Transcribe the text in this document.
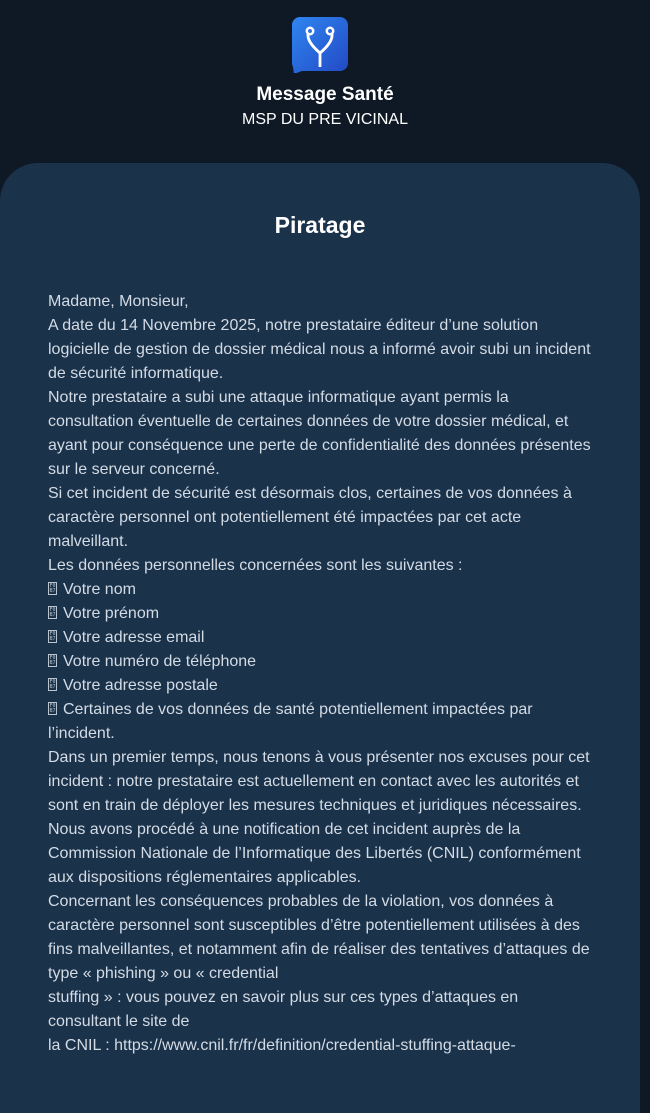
Message Santé
MSP DU PRE VICINAL
Piratage
Madame, Monsieur,
A date du 14 Novembre 2025, notre prestataire éditeur d’une solution
logicielle de gestion de dossier médical nous a informé avoir subi un incident
de sécurité informatique.
Notre prestataire a subi une attaque informatique ayant permis la
consultation éventuelle de certaines données de votre dossier médical, et
ayant pour conséquence une perte de confidentialité des données présentes
sur le serveur concerné.
Si cet incident de sécurité est désormais clos, certaines de vos données à
caractère personnel ont potentiellement été impactées par cet acte
malveillant.
Les données personnelles concernées sont les suivantes :
F0B7 Votre nom
F0B7 Votre prénom
F0B7 Votre adresse email
F0B7 Votre numéro de téléphone
F0B7 Votre adresse postale
F0B7 Certaines de vos données de santé potentiellement impactées par
l’incident.
Dans un premier temps, nous tenons à vous présenter nos excuses pour cet
incident : notre prestataire est actuellement en contact avec les autorités et
sont en train de déployer les mesures techniques et juridiques nécessaires.
Nous avons procédé à une notification de cet incident auprès de la
Commission Nationale de l’Informatique des Libertés (CNIL) conformément
aux dispositions réglementaires applicables.
Concernant les conséquences probables de la violation, vos données à
caractère personnel sont susceptibles d’être potentiellement utilisées à des
fins malveillantes, et notamment afin de réaliser des tentatives d’attaques de
type « phishing » ou « credential
stuffing » : vous pouvez en savoir plus sur ces types d’attaques en
consultant le site de
la CNIL : https://www.cnil.fr/fr/definition/credential-stuffing-attaque-
